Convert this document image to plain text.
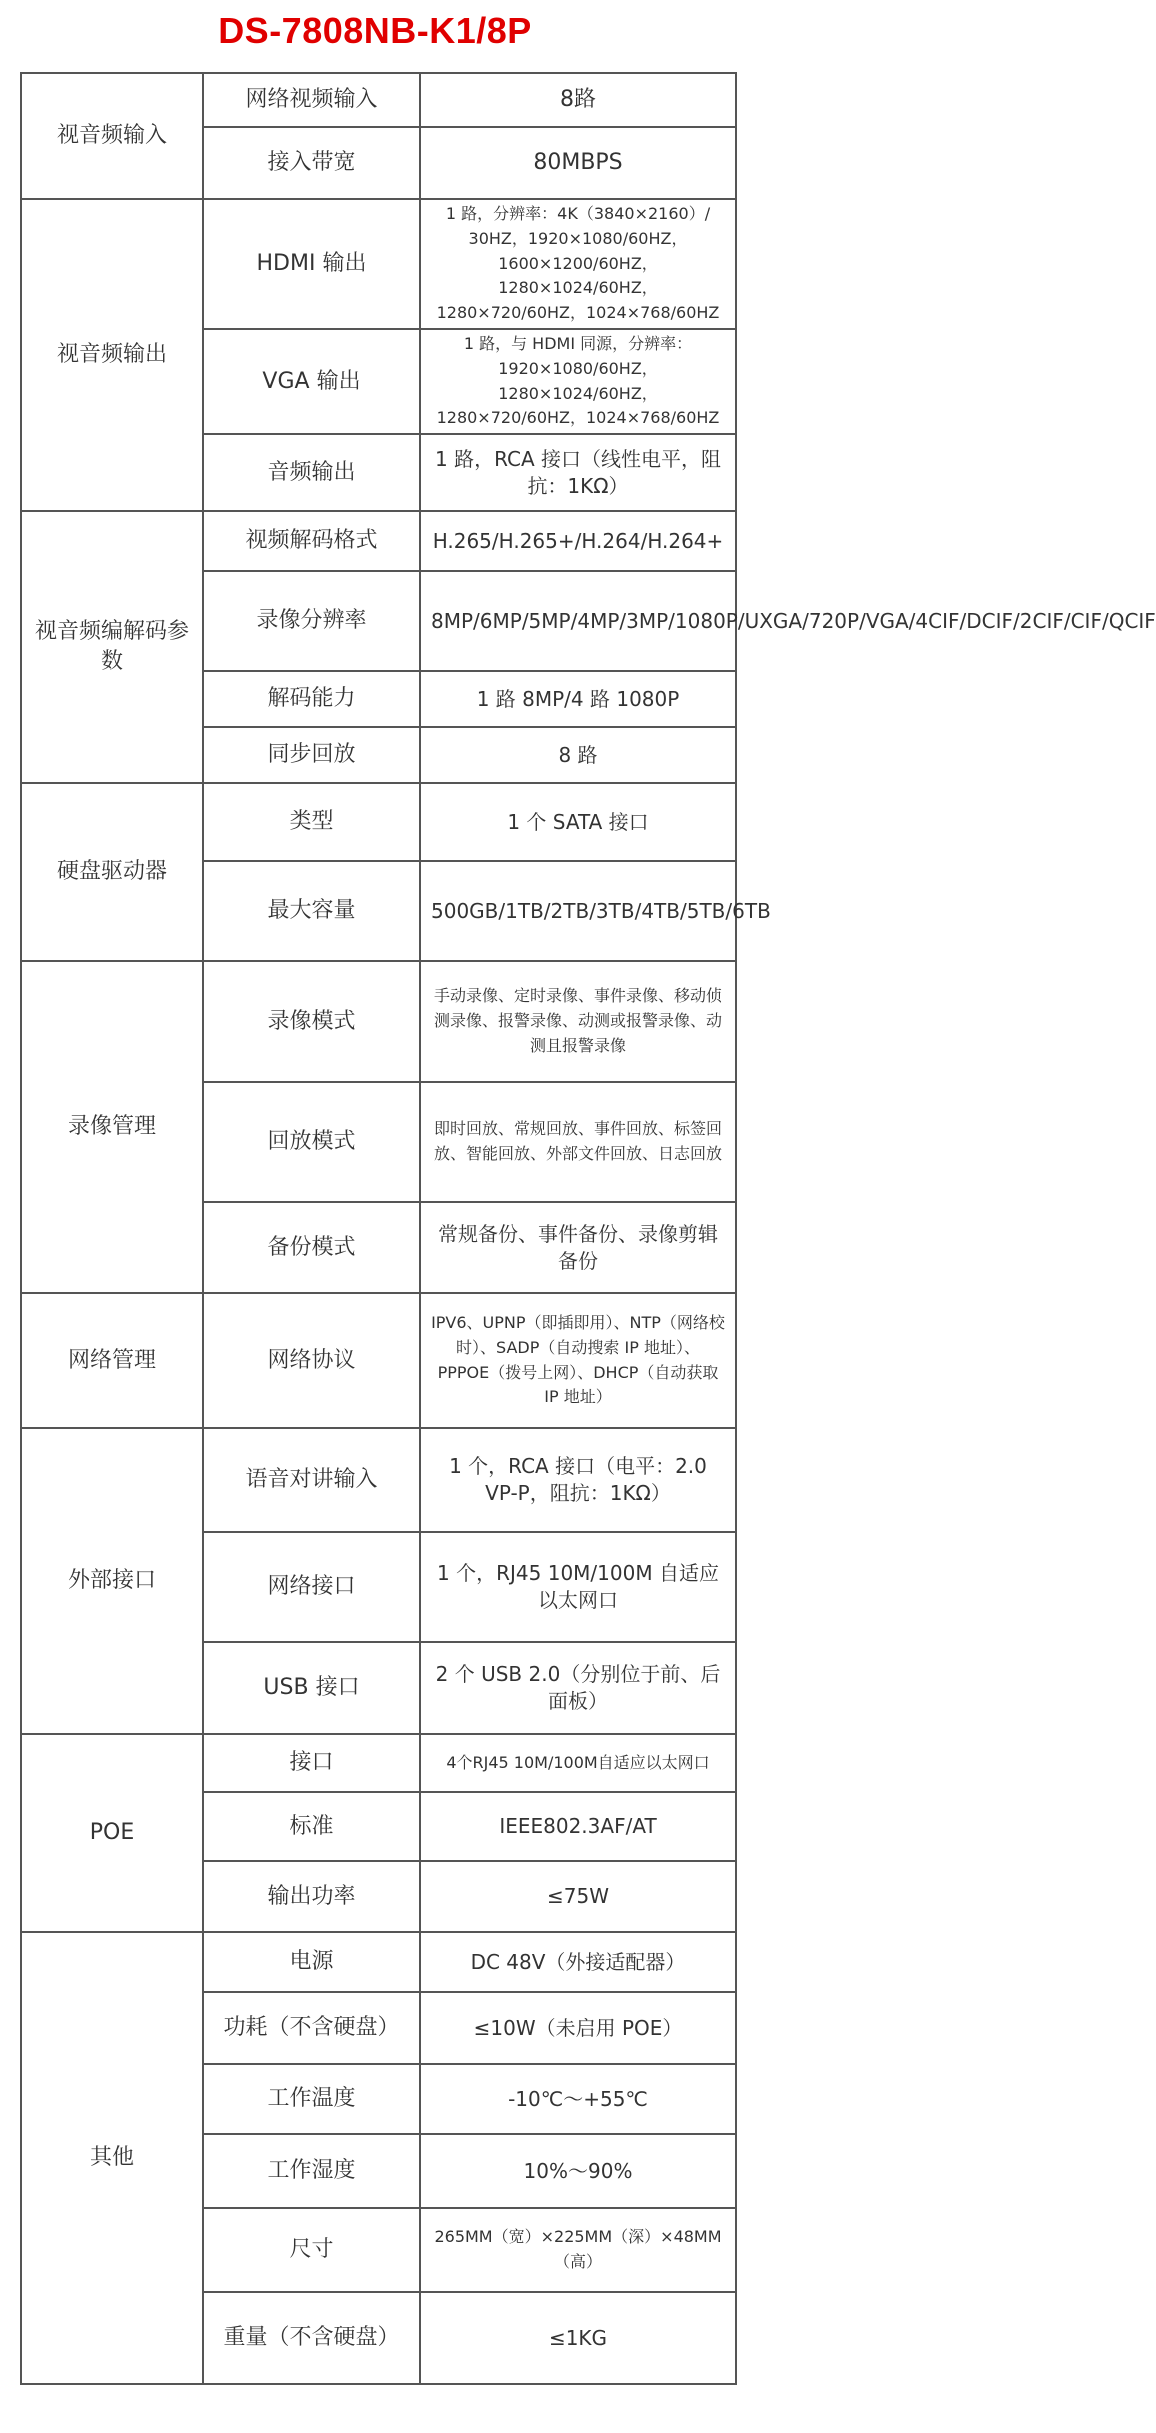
DS-7808NB-K1/8P
视音频输入	网络视频输入	8路
	接入带宽	80MBPS
视音频输出	HDMI 输出	1 路，分辨率：4K（3840×2160）/ 30HZ，1920×1080/60HZ，1600×1200/60HZ，1280×1024/60HZ，1280×720/60HZ，1024×768/60HZ
	VGA 输出	1 路，与 HDMI 同源，分辨率：1920×1080/60HZ，1280×1024/60HZ，1280×720/60HZ，1024×768/60HZ
	音频输出	1 路，RCA 接口（线性电平，阻抗：1KΩ）
视音频编解码参数	视频解码格式	H.265/H.265+/H.264/H.264+
	录像分辨率	8MP/6MP/5MP/4MP/3MP/1080P/UXGA/720P/VGA/4CIF/DCIF/2CIF/CIF/QCIF
	解码能力	1 路 8MP/4 路 1080P
	同步回放	8 路
硬盘驱动器	类型	1 个 SATA 接口
	最大容量	500GB/1TB/2TB/3TB/4TB/5TB/6TB
录像管理	录像模式	手动录像、定时录像、事件录像、移动侦测录像、报警录像、动测或报警录像、动测且报警录像
	回放模式	即时回放、常规回放、事件回放、标签回放、智能回放、外部文件回放、日志回放
	备份模式	常规备份、事件备份、录像剪辑备份
网络管理	网络协议	IPV6、UPNP（即插即用）、NTP（网络校时）、SADP（自动搜索 IP 地址）、PPPOE（拨号上网）、DHCP（自动获取 IP 地址）
外部接口	语音对讲输入	1 个，RCA 接口（电平：2.0 VP-P，阻抗：1KΩ）
	网络接口	1 个，RJ45 10M/100M 自适应以太网口
	USB 接口	2 个 USB 2.0（分别位于前、后面板）
POE	接口	4个RJ45 10M/100M自适应以太网口
	标准	IEEE802.3AF/AT
	输出功率	≤75W
其他	电源	DC 48V（外接适配器）
	功耗（不含硬盘）	≤10W（未启用 POE）
	工作温度	-10℃～+55℃
	工作湿度	10%～90%
	尺寸	265MM（宽）×225MM（深）×48MM（高）
	重量（不含硬盘）	≤1KG
